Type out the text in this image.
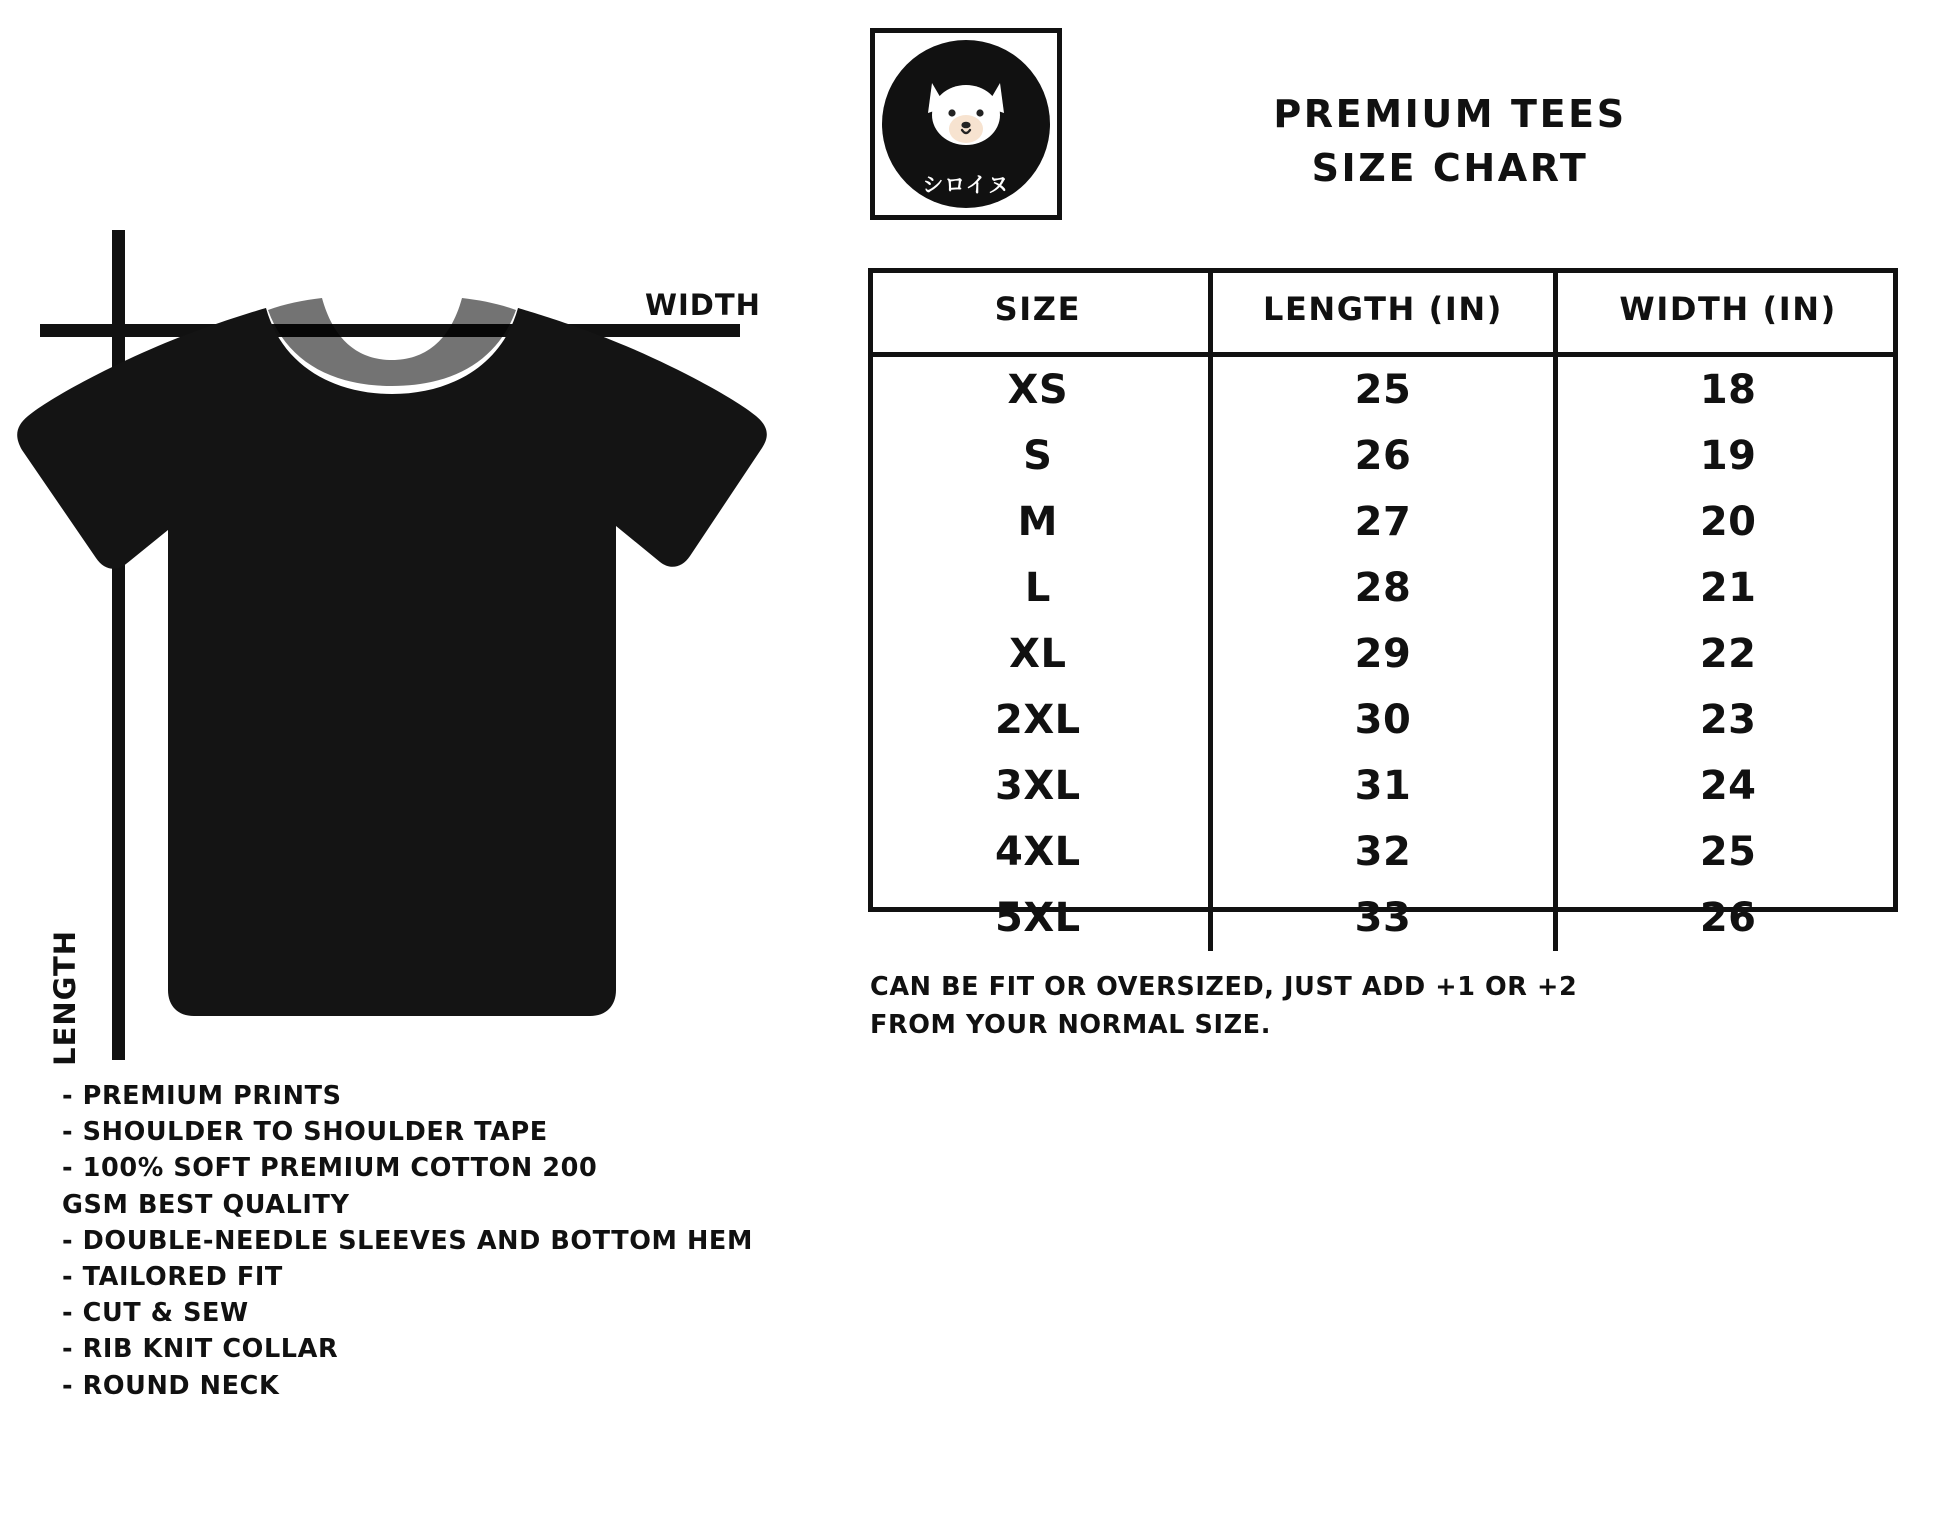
WIDTH
LENGTH
- PREMIUM PRINTS
- SHOULDER TO SHOULDER TAPE
- 100% SOFT PREMIUM COTTON 200
GSM BEST QUALITY
- DOUBLE-NEEDLE SLEEVES AND BOTTOM HEM
- TAILORED FIT
- CUT & SEW
- RIB KNIT COLLAR
- ROUND NECK
シロイヌ
PREMIUM TEES
SIZE CHART
SIZE	LENGTH (IN)	WIDTH (IN)
XS	25	18
S	26	19
M	27	20
L	28	21
XL	29	22
2XL	30	23
3XL	31	24
4XL	32	25
5XL	33	26
CAN BE FIT OR OVERSIZED, JUST ADD +1 OR +2
FROM YOUR NORMAL SIZE.
